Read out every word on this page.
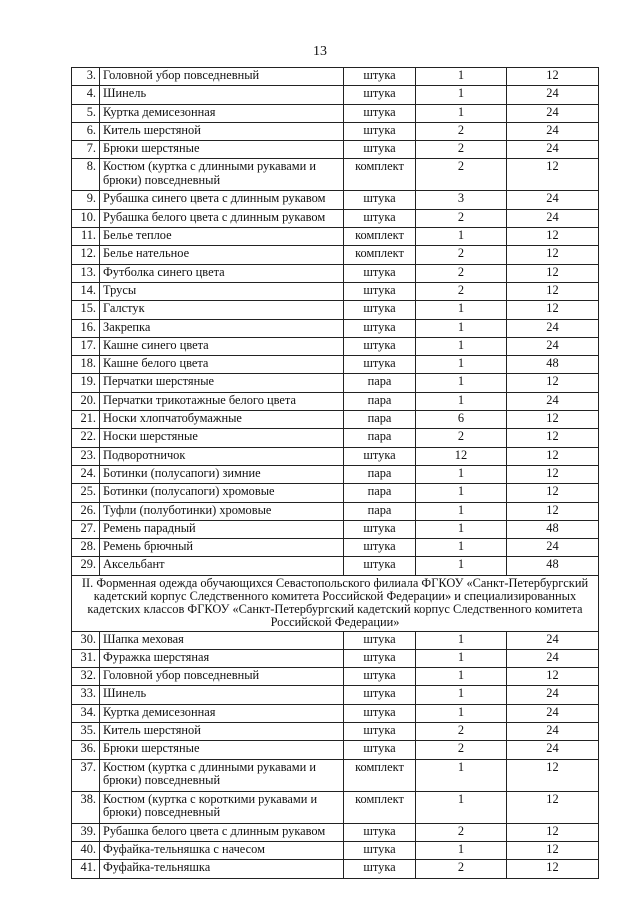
13
3.	Головной убор повседневный	штука	1	12
4.	Шинель	штука	1	24
5.	Куртка демисезонная	штука	1	24
6.	Китель шерстяной	штука	2	24
7.	Брюки шерстяные	штука	2	24
8.	Костюм (куртка с длинными рукавами и брюки) повседневный	комплект	2	12
9.	Рубашка синего цвета с длинным рукавом	штука	3	24
10.	Рубашка белого цвета с длинным рукавом	штука	2	24
11.	Белье теплое	комплект	1	12
12.	Белье нательное	комплект	2	12
13.	Футболка синего цвета	штука	2	12
14.	Трусы	штука	2	12
15.	Галстук	штука	1	12
16.	Закрепка	штука	1	24
17.	Кашне синего цвета	штука	1	24
18.	Кашне белого цвета	штука	1	48
19.	Перчатки шерстяные	пара	1	12
20.	Перчатки трикотажные белого цвета	пара	1	24
21.	Носки хлопчатобумажные	пара	6	12
22.	Носки шерстяные	пара	2	12
23.	Подворотничок	штука	12	12
24.	Ботинки (полусапоги) зимние	пара	1	12
25.	Ботинки (полусапоги) хромовые	пара	1	12
26.	Туфли (полуботинки) хромовые	пара	1	12
27.	Ремень парадный	штука	1	48
28.	Ремень брючный	штука	1	24
29.	Аксельбант	штука	1	48
II. Форменная одежда обучающихся Севастопольского филиала ФГКОУ «Санкт-Петербургский кадетский корпус Следственного комитета Российской Федерации» и специализированных кадетских классов ФГКОУ «Санкт-Петербургский кадетский корпус Следственного комитета Российской Федерации»				
30.	Шапка меховая	штука	1	24
31.	Фуражка шерстяная	штука	1	24
32.	Головной убор повседневный	штука	1	12
33.	Шинель	штука	1	24
34.	Куртка демисезонная	штука	1	24
35.	Китель шерстяной	штука	2	24
36.	Брюки шерстяные	штука	2	24
37.	Костюм (куртка с длинными рукавами и брюки) повседневный	комплект	1	12
38.	Костюм (куртка с короткими рукавами и брюки) повседневный	комплект	1	12
39.	Рубашка белого цвета с длинным рукавом	штука	2	12
40.	Фуфайка-тельняшка с начесом	штука	1	12
41.	Фуфайка-тельняшка	штука	2	12
